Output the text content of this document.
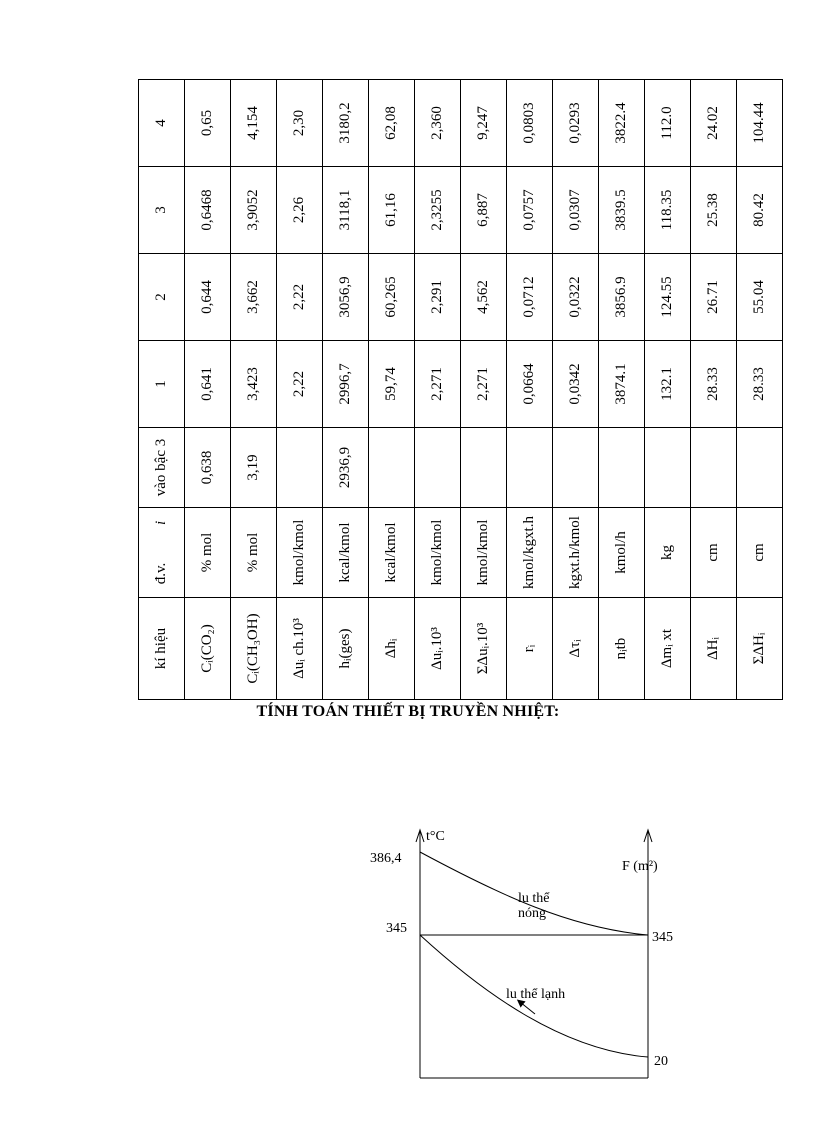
kí hiệu	đ.v. i	vào bậc 3	1	2	3	4
Cᵢ(CO₂)	% mol	0,638	0,641	0,644	0,6468	0,65
Cᵢ(CH₃OH)	% mol	3,19	3,423	3,662	3,9052	4,154
Δuᵢ ch.10³	kmol/kmol		2,22	2,22	2,26	2,30
hᵢ(ges)	kcal/kmol	2936,9	2996,7	3056,9	3118,1	3180,2
Δhᵢ	kcal/kmol		59,74	60,265	61,16	62,08
Δuᵢ.10³	kmol/kmol		2,271	2,291	2,3255	2,360
ΣΔuᵢ.10³	kmol/kmol		2,271	4,562	6,887	9,247
rᵢ	kmol/kgxt.h		0,0664	0,0712	0,0757	0,0803
Δτᵢ	kgxt.h/kmol		0,0342	0,0322	0,0307	0,0293
nᵢtb	kmol/h		3874.1	3856.9	3839.5	3822.4
Δmᵢ xt	kg		132.1	124.55	118.35	112.0
ΔHᵢ	cm		28.33	26.71	25.38	24.02
ΣΔHᵢ	cm		28.33	55.04	80.42	104.44
TÍNH TOÁN THIẾT BỊ TRUYỀN NHIỆT:
t°C
F (m²)
386,4
345
345
20
lu thể
nóng
lu thể lạnh
